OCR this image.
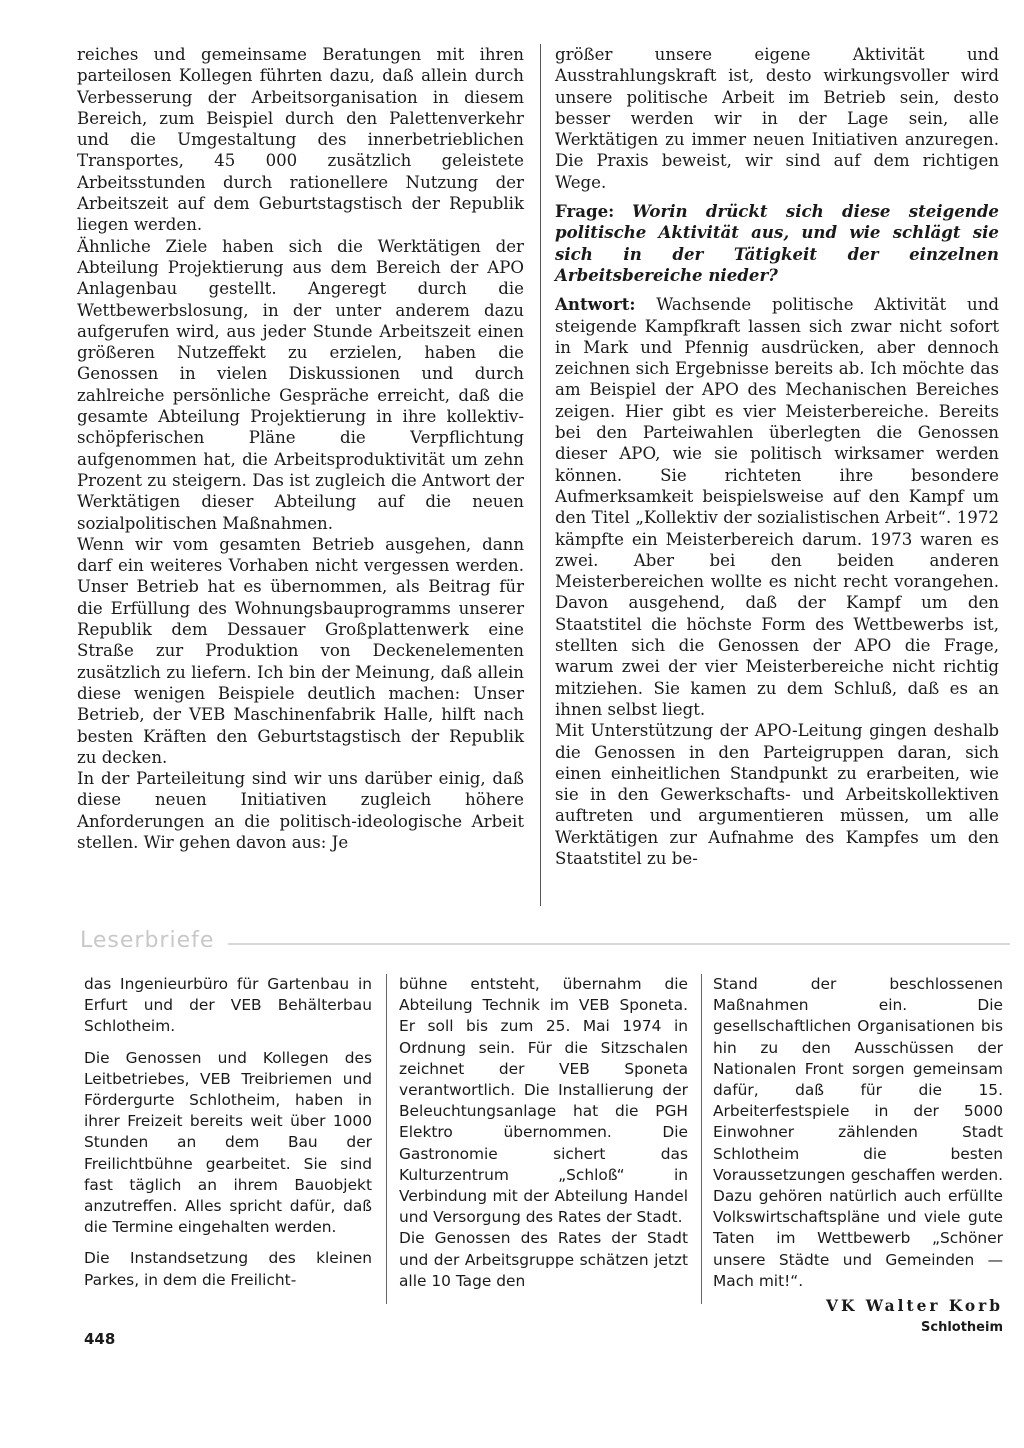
reiches und gemeinsame Beratungen mit ihren parteilosen Kollegen führten dazu, daß allein durch Verbesserung der Arbeitsorganisation in diesem Bereich, zum Beispiel durch den Palettenverkehr und die Umgestaltung des innerbetrieblichen Transportes, 45 000 zusätzlich geleistete Arbeitsstunden durch rationellere Nutzung der Arbeitszeit auf dem Geburtstagstisch der Republik liegen werden.

Ähnliche Ziele haben sich die Werktätigen der Abteilung Projektierung aus dem Bereich der APO Anlagenbau gestellt. Angeregt durch die Wettbewerbslosung, in der unter anderem dazu aufgerufen wird, aus jeder Stunde Arbeitszeit einen größeren Nutzeffekt zu erzielen, haben die Genossen in vielen Diskussionen und durch zahlreiche persönliche Gespräche erreicht, daß die gesamte Abteilung Projektierung in ihre kollektiv-schöpferischen Pläne die Verpflichtung aufgenommen hat, die Arbeitsproduktivität um zehn Prozent zu steigern. Das ist zugleich die Antwort der Werktätigen dieser Abteilung auf die neuen sozialpolitischen Maßnahmen.

Wenn wir vom gesamten Betrieb ausgehen, dann darf ein weiteres Vorhaben nicht vergessen werden. Unser Betrieb hat es übernommen, als Beitrag für die Erfüllung des Wohnungsbauprogramms unserer Republik dem Dessauer Großplattenwerk eine Straße zur Produktion von Deckenelementen zusätzlich zu liefern. Ich bin der Meinung, daß allein diese wenigen Beispiele deutlich machen: Unser Betrieb, der VEB Maschinenfabrik Halle, hilft nach besten Kräften den Geburtstagstisch der Republik zu decken.

In der Parteileitung sind wir uns darüber einig, daß diese neuen Initiativen zugleich höhere Anforderungen an die politisch-ideologische Arbeit stellen. Wir gehen davon aus: Je

größer unsere eigene Aktivität und Ausstrahlungskraft ist, desto wirkungsvoller wird unsere politische Arbeit im Betrieb sein, desto besser werden wir in der Lage sein, alle Werktätigen zu immer neuen Initiativen anzuregen. Die Praxis beweist, wir sind auf dem richtigen Wege.

Frage: Worin drückt sich diese steigende politische Aktivität aus, und wie schlägt sie sich in der Tätigkeit der einzelnen Arbeitsbereiche nieder?

Antwort: Wachsende politische Aktivität und steigende Kampfkraft lassen sich zwar nicht sofort in Mark und Pfennig ausdrücken, aber dennoch zeichnen sich Ergebnisse bereits ab. Ich möchte das am Beispiel der APO des Mechanischen Bereiches zeigen. Hier gibt es vier Meisterbereiche. Bereits bei den Parteiwahlen überlegten die Genossen dieser APO, wie sie politisch wirksamer werden können. Sie richteten ihre besondere Aufmerksamkeit beispielsweise auf den Kampf um den Titel „Kollektiv der sozialistischen Arbeit“. 1972 kämpfte ein Meisterbereich darum. 1973 waren es zwei. Aber bei den beiden anderen Meisterbereichen wollte es nicht recht vorangehen. Davon ausgehend, daß der Kampf um den Staatstitel die höchste Form des Wettbewerbs ist, stellten sich die Genossen der APO die Frage, warum zwei der vier Meisterbereiche nicht richtig mitziehen. Sie kamen zu dem Schluß, daß es an ihnen selbst liegt.

Mit Unterstützung der APO-Leitung gingen deshalb die Genossen in den Parteigruppen daran, sich einen einheitlichen Standpunkt zu erarbeiten, wie sie in den Gewerkschafts- und Arbeitskollektiven auftreten und argumentieren müssen, um alle Werktätigen zur Aufnahme des Kampfes um den Staatstitel zu be-

Leserbriefe

das Ingenieurbüro für Gartenbau in Erfurt und der VEB Behälterbau Schlotheim.

Die Genossen und Kollegen des Leitbetriebes, VEB Treibriemen und Fördergurte Schlotheim, haben in ihrer Freizeit bereits weit über 1000 Stunden an dem Bau der Freilichtbühne gearbeitet. Sie sind fast täglich an ihrem Bauobjekt anzutreffen. Alles spricht dafür, daß die Termine eingehalten werden.

Die Instandsetzung des kleinen Parkes, in dem die Freilicht-

bühne entsteht, übernahm die Abteilung Technik im VEB Sponeta. Er soll bis zum 25. Mai 1974 in Ordnung sein. Für die Sitzschalen zeichnet der VEB Sponeta verantwortlich. Die Installierung der Beleuchtungsanlage hat die PGH Elektro übernommen. Die Gastronomie sichert das Kulturzentrum „Schloß“ in Verbindung mit der Abteilung Handel und Versorgung des Rates der Stadt.

Die Genossen des Rates der Stadt und der Arbeitsgruppe schätzen jetzt alle 10 Tage den

Stand der beschlossenen Maßnahmen ein. Die gesellschaftlichen Organisationen bis hin zu den Ausschüssen der Nationalen Front sorgen gemeinsam dafür, daß für die 15. Arbeiterfestspiele in der 5000 Einwohner zählenden Stadt Schlotheim die besten Voraussetzungen geschaffen werden. Dazu gehören natürlich auch erfüllte Volkswirtschaftspläne und viele gute Taten im Wettbewerb „Schöner unsere Städte und Gemeinden — Mach mit!“.

VK Walter Korb

Schlotheim

448
